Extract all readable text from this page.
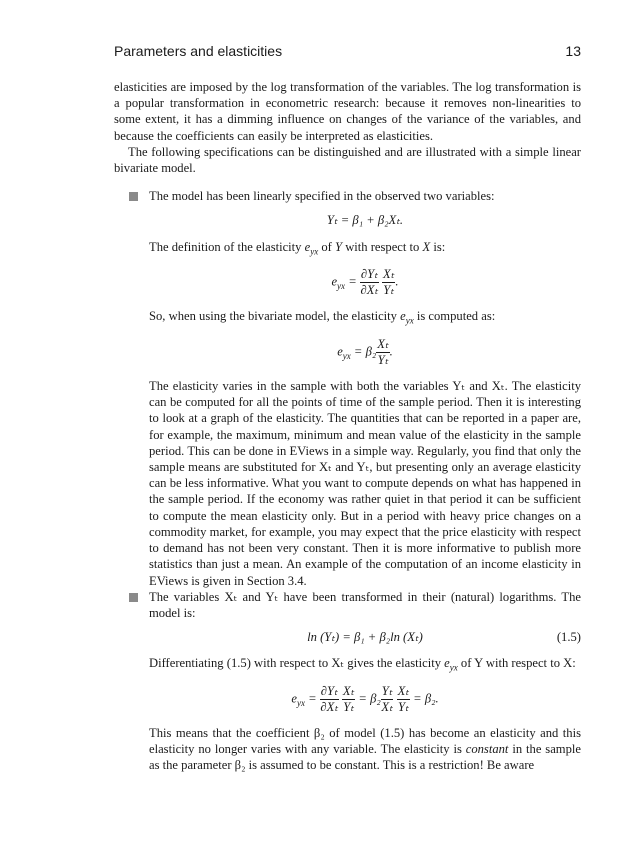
Parameters and elasticities	13

elasticities are imposed by the log transformation of the variables. The log transformation is a popular transformation in econometric research: because it removes non-linearities to some extent, it has a dimming influence on changes of the variance of the variables, and because the coefficients can easily be interpreted as elasticities.

The following specifications can be distinguished and are illustrated with a simple linear bivariate model.

The model has been linearly specified in the observed two variables:

Yₜ = β₁ + β₂Xₜ.

The definition of the elasticity $e_{yx}$ of Y with respect to X is:

$e_{yx} = \frac{\text{∂Yₜ}}{\text{∂Xₜ}}$
$\frac{\text{Xₜ}}{\text{Yₜ}}$ .

So, when using the bivariate model, the elasticity $e_{yx}$ is computed as:

$e_{yx} = \beta_2 \frac{\text{Xₜ}}{\text{Yₜ}}$ .

The elasticity varies in the sample with both the variables Yₜ and Xₜ. The elasticity can be computed for all the points of time of the sample period. Then it is interesting to look at a graph of the elasticity. The quantities that can be reported in a paper are, for example, the maximum, minimum and mean value of the elasticity in the sample period. This can be done in EViews in a simple way. Regularly, you find that only the sample means are substituted for Xₜ and Yₜ, but presenting only an average elasticity can be less informative. What you want to compute depends on what has happened in the sample period. If the economy was rather quiet in that period it can be sufficient to compute the mean elasticity only. But in a period with heavy price changes on a commodity market, for example, you may expect that the price elasticity with respect to demand has not been very constant. Then it is more informative to publish more statistics than just a mean. An example of the computation of an income elasticity in EViews is given in Section 3.4.

The variables Xₜ and Yₜ have been transformed in their (natural) logarithms. The model is:

ln (Yₜ) = β₁ + β₂ln (Xₜ)	(1.5)

Differentiating (1.5) with respect to Xₜ gives the elasticity $e_{yx}$ of Y with respect to X:

$e_{yx} = \frac{\text{∂Yₜ}}{\text{∂Xₜ}}$
$\frac{\text{Xₜ}}{\text{Yₜ}} = \beta_2 \frac{\text{Yₜ}}{\text{Xₜ}}$
$\frac{\text{Xₜ}}{\text{Yₜ}} = \beta_2$.

This means that the coefficient β₂ of model (1.5) has become an elasticity and this elasticity no longer varies with any variable. The elasticity is constant in the sample as the parameter β₂ is assumed to be constant. This is a restriction! Be aware
